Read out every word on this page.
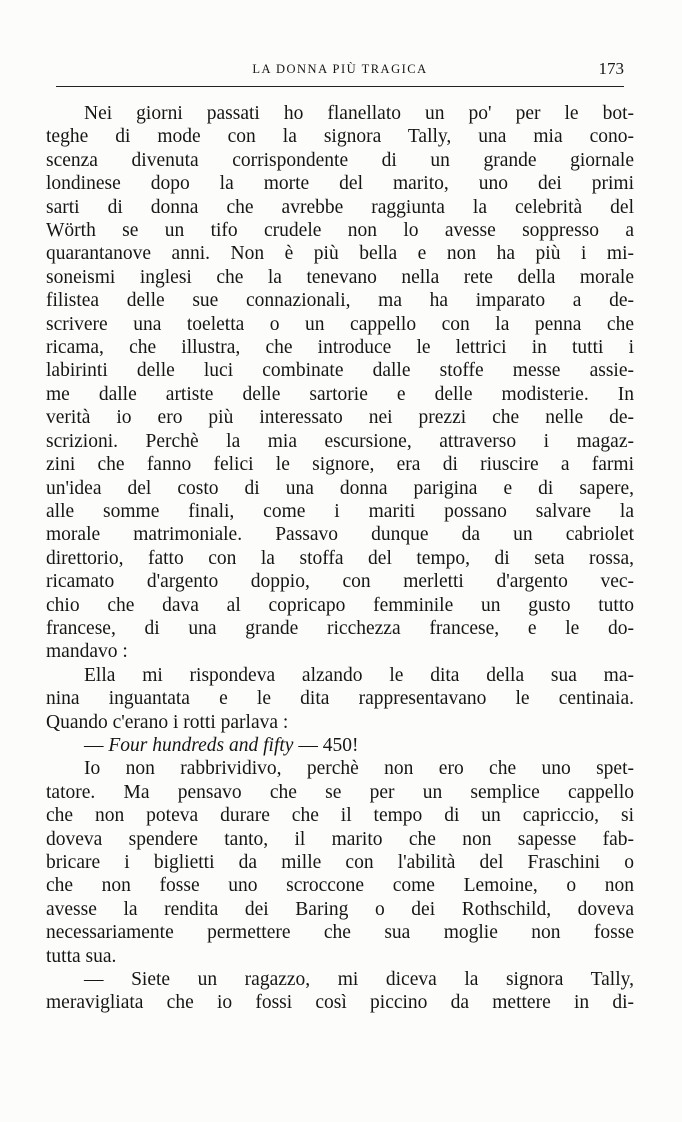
LA DONNA PIÙ TRAGICA	173
Nei giorni passati ho flanellato un po' per le bot-
teghe di mode con la signora Tally, una mia cono-
scenza divenuta corrispondente di un grande giornale
londinese dopo la morte del marito, uno dei primi
sarti di donna che avrebbe raggiunta la celebrità del
Wörth se un tifo crudele non lo avesse soppresso a
quarantanove anni. Non è più bella e non ha più i mi-
soneismi inglesi che la tenevano nella rete della morale
filistea delle sue connazionali, ma ha imparato a de-
scrivere una toeletta o un cappello con la penna che
ricama, che illustra, che introduce le lettrici in tutti i
labirinti delle luci combinate dalle stoffe messe assie-
me dalle artiste delle sartorie e delle modisterie. In
verità io ero più interessato nei prezzi che nelle de-
scrizioni. Perchè la mia escursione, attraverso i magaz-
zini che fanno felici le signore, era di riuscire a farmi
un'idea del costo di una donna parigina e di sapere,
alle somme finali, come i mariti possano salvare la
morale matrimoniale. Passavo dunque da un cabriolet
direttorio, fatto con la stoffa del tempo, di seta rossa,
ricamato d'argento doppio, con merletti d'argento vec-
chio che dava al copricapo femminile un gusto tutto
francese, di una grande ricchezza francese, e le do-
mandavo :
Ella mi rispondeva alzando le dita della sua ma-
nina inguantata e le dita rappresentavano le centinaia.
Quando c'erano i rotti parlava :
— Four hundreds and fifty — 450!
Io non rabbrividivo, perchè non ero che uno spet-
tatore. Ma pensavo che se per un semplice cappello
che non poteva durare che il tempo di un capriccio, si
doveva spendere tanto, il marito che non sapesse fab-
bricare i biglietti da mille con l'abilità del Fraschini o
che non fosse uno scroccone come Lemoine, o non
avesse la rendita dei Baring o dei Rothschild, doveva
necessariamente permettere che sua moglie non fosse
tutta sua.
— Siete un ragazzo, mi diceva la signora Tally,
meravigliata che io fossi così piccino da mettere in di-
